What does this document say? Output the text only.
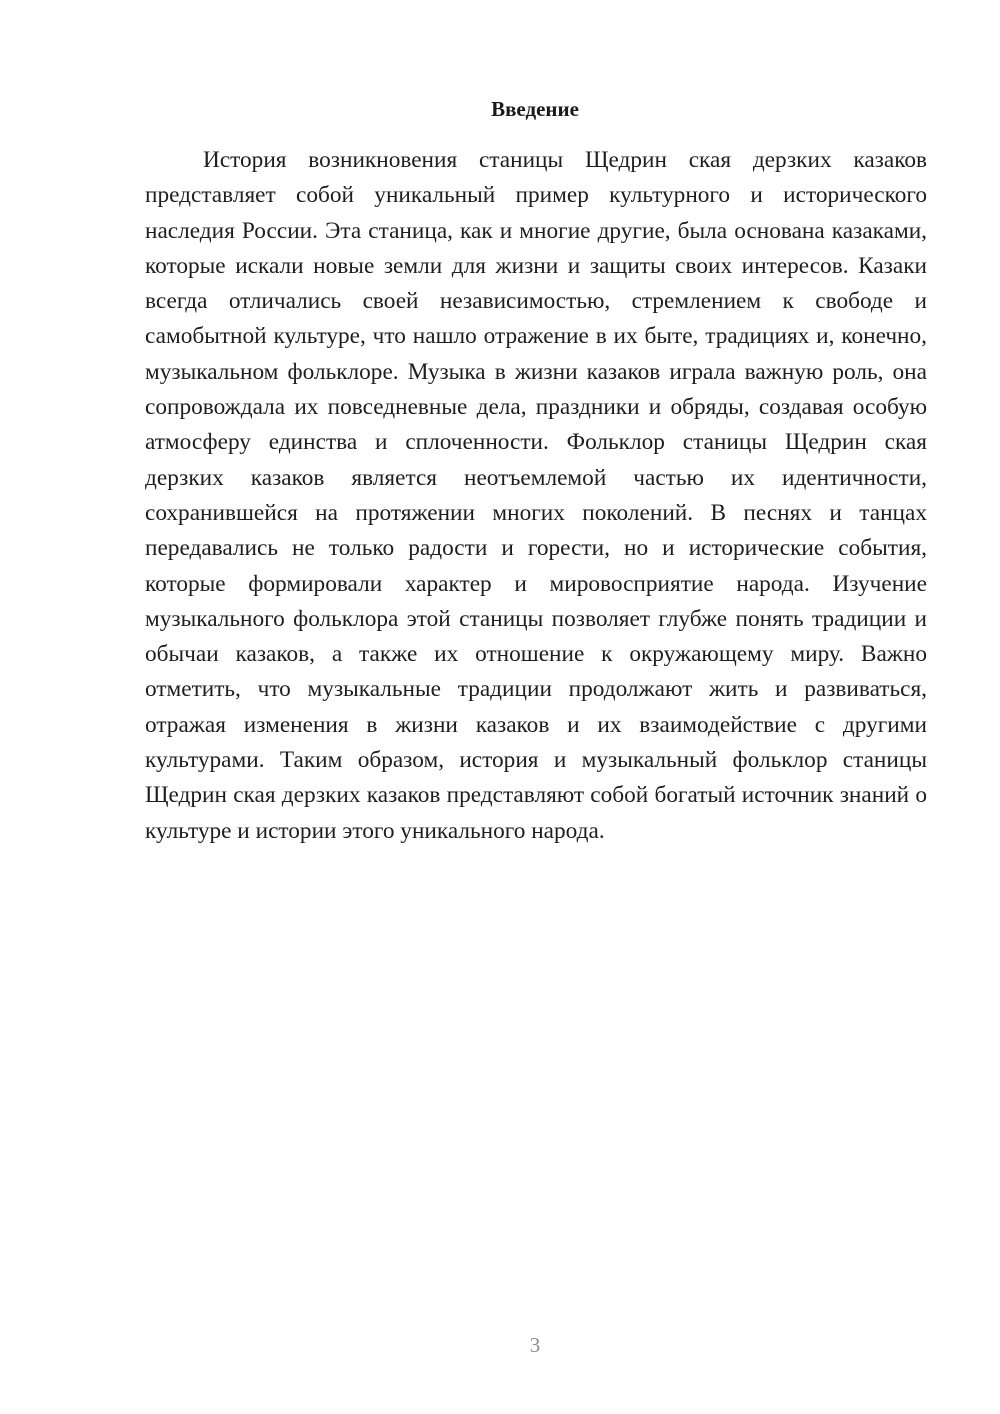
Введение

История возникновения станицы Щедрин ская дерзких казаков представляет собой уникальный пример культурного и исторического наследия России. Эта станица, как и многие другие, была основана казаками, которые искали новые земли для жизни и защиты своих интересов. Казаки всегда отличались своей независимостью, стремлением к свободе и самобытной культуре, что нашло отражение в их быте, традициях и, конечно, музыкальном фольклоре. Музыка в жизни казаков играла важную роль, она сопровождала их повседневные дела, праздники и обряды, создавая особую атмосферу единства и сплоченности. Фольклор станицы Щедрин ская дерзких казаков является неотъемлемой частью их идентичности, сохранившейся на протяжении многих поколений. В песнях и танцах передавались не только радости и горести, но и исторические события, которые формировали характер и мировосприятие народа. Изучение музыкального фольклора этой станицы позволяет глубже понять традиции и обычаи казаков, а также их отношение к окружающему миру. Важно отметить, что музыкальные традиции продолжают жить и развиваться, отражая изменения в жизни казаков и их взаимодействие с другими культурами. Таким образом, история и музыкальный фольклор станицы Щедрин ская дерзких казаков представляют собой богатый источник знаний о культуре и истории этого уникального народа.

3
